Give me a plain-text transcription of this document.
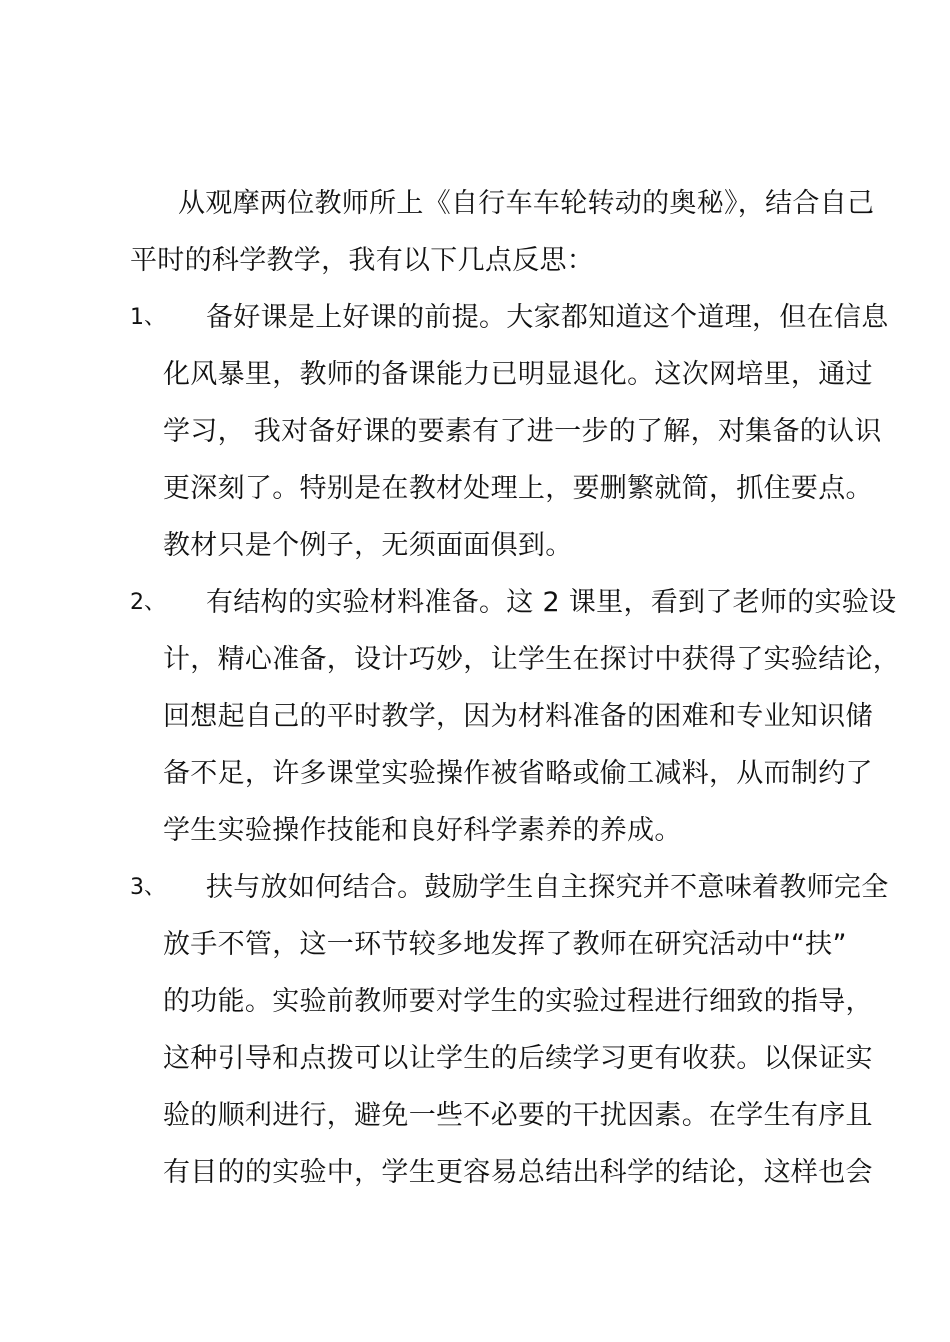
从观摩两位教师所上《自行车车轮转动的奥秘》，结合自己
平时的科学教学，我有以下几点反思：
1、 备好课是上好课的前提。大家都知道这个道理，但在信息
化风暴里，教师的备课能力已明显退化。这次网培里，通过
学习， 我对备好课的要素有了进一步的了解，对集备的认识
更深刻了。特别是在教材处理上，要删繁就简，抓住要点。
教材只是个例子，无须面面俱到。
2、 有结构的实验材料准备。这 2 课里，看到了老师的实验设
计，精心准备，设计巧妙，让学生在探讨中获得了实验结论，
回想起自己的平时教学，因为材料准备的困难和专业知识储
备不足，许多课堂实验操作被省略或偷工减料，从而制约了
学生实验操作技能和良好科学素养的养成。
3、 扶与放如何结合。鼓励学生自主探究并不意味着教师完全
放手不管，这一环节较多地发挥了教师在研究活动中“扶”
的功能。实验前教师要对学生的实验过程进行细致的指导，
这种引导和点拨可以让学生的后续学习更有收获。以保证实
验的顺利进行，避免一些不必要的干扰因素。在学生有序且
有目的的实验中，学生更容易总结出科学的结论，这样也会
